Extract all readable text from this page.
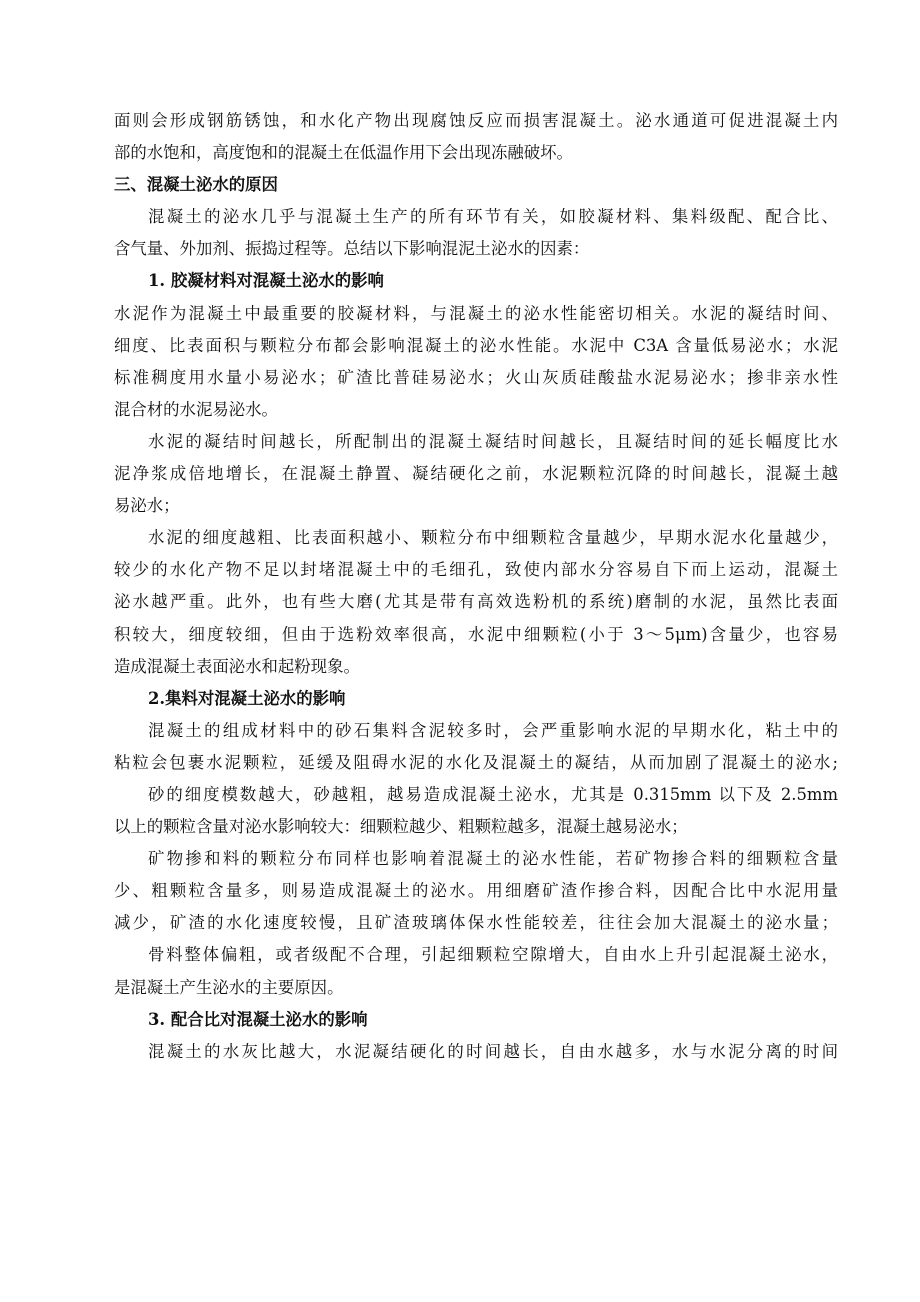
面则会形成钢筋锈蚀，和水化产物出现腐蚀反应而损害混凝土。泌水通道可促进混凝土内
部的水饱和，高度饱和的混凝土在低温作用下会出现冻融破坏。
三、混凝土泌水的原因
混凝土的泌水几乎与混凝土生产的所有环节有关，如胶凝材料、集料级配、配合比、
含气量、外加剂、振捣过程等。总结以下影响混泥土泌水的因素：
1. 胶凝材料对混凝土泌水的影响
水泥作为混凝土中最重要的胶凝材料，与混凝土的泌水性能密切相关。水泥的凝结时间、
细度、比表面积与颗粒分布都会影响混凝土的泌水性能。水泥中 C3A 含量低易泌水；水泥
标准稠度用水量小易泌水；矿渣比普硅易泌水；火山灰质硅酸盐水泥易泌水；掺非亲水性
混合材的水泥易泌水。
水泥的凝结时间越长，所配制出的混凝土凝结时间越长，且凝结时间的延长幅度比水
泥净浆成倍地增长，在混凝土静置、凝结硬化之前，水泥颗粒沉降的时间越长，混凝土越
易泌水；
水泥的细度越粗、比表面积越小、颗粒分布中细颗粒含量越少，早期水泥水化量越少，
较少的水化产物不足以封堵混凝土中的毛细孔，致使内部水分容易自下而上运动，混凝土
泌水越严重。此外，也有些大磨(尤其是带有高效选粉机的系统)磨制的水泥，虽然比表面
积较大，细度较细，但由于选粉效率很高，水泥中细颗粒(小于 3～5μm)含量少，也容易
造成混凝土表面泌水和起粉现象。
2.集料对混凝土泌水的影响
混凝土的组成材料中的砂石集料含泥较多时，会严重影响水泥的早期水化，粘土中的
粘粒会包裹水泥颗粒，延缓及阻碍水泥的水化及混凝土的凝结，从而加剧了混凝土的泌水;
砂的细度模数越大，砂越粗，越易造成混凝土泌水，尤其是 0.315mm 以下及 2.5mm
以上的颗粒含量对泌水影响较大：细颗粒越少、粗颗粒越多，混凝土越易泌水；
矿物掺和料的颗粒分布同样也影响着混凝土的泌水性能，若矿物掺合料的细颗粒含量
少、粗颗粒含量多，则易造成混凝土的泌水。用细磨矿渣作掺合料，因配合比中水泥用量
减少，矿渣的水化速度较慢，且矿渣玻璃体保水性能较差，往往会加大混凝土的泌水量；
骨料整体偏粗，或者级配不合理，引起细颗粒空隙增大，自由水上升引起混凝土泌水，
是混凝土产生泌水的主要原因。
3. 配合比对混凝土泌水的影响
混凝土的水灰比越大，水泥凝结硬化的时间越长，自由水越多，水与水泥分离的时间
